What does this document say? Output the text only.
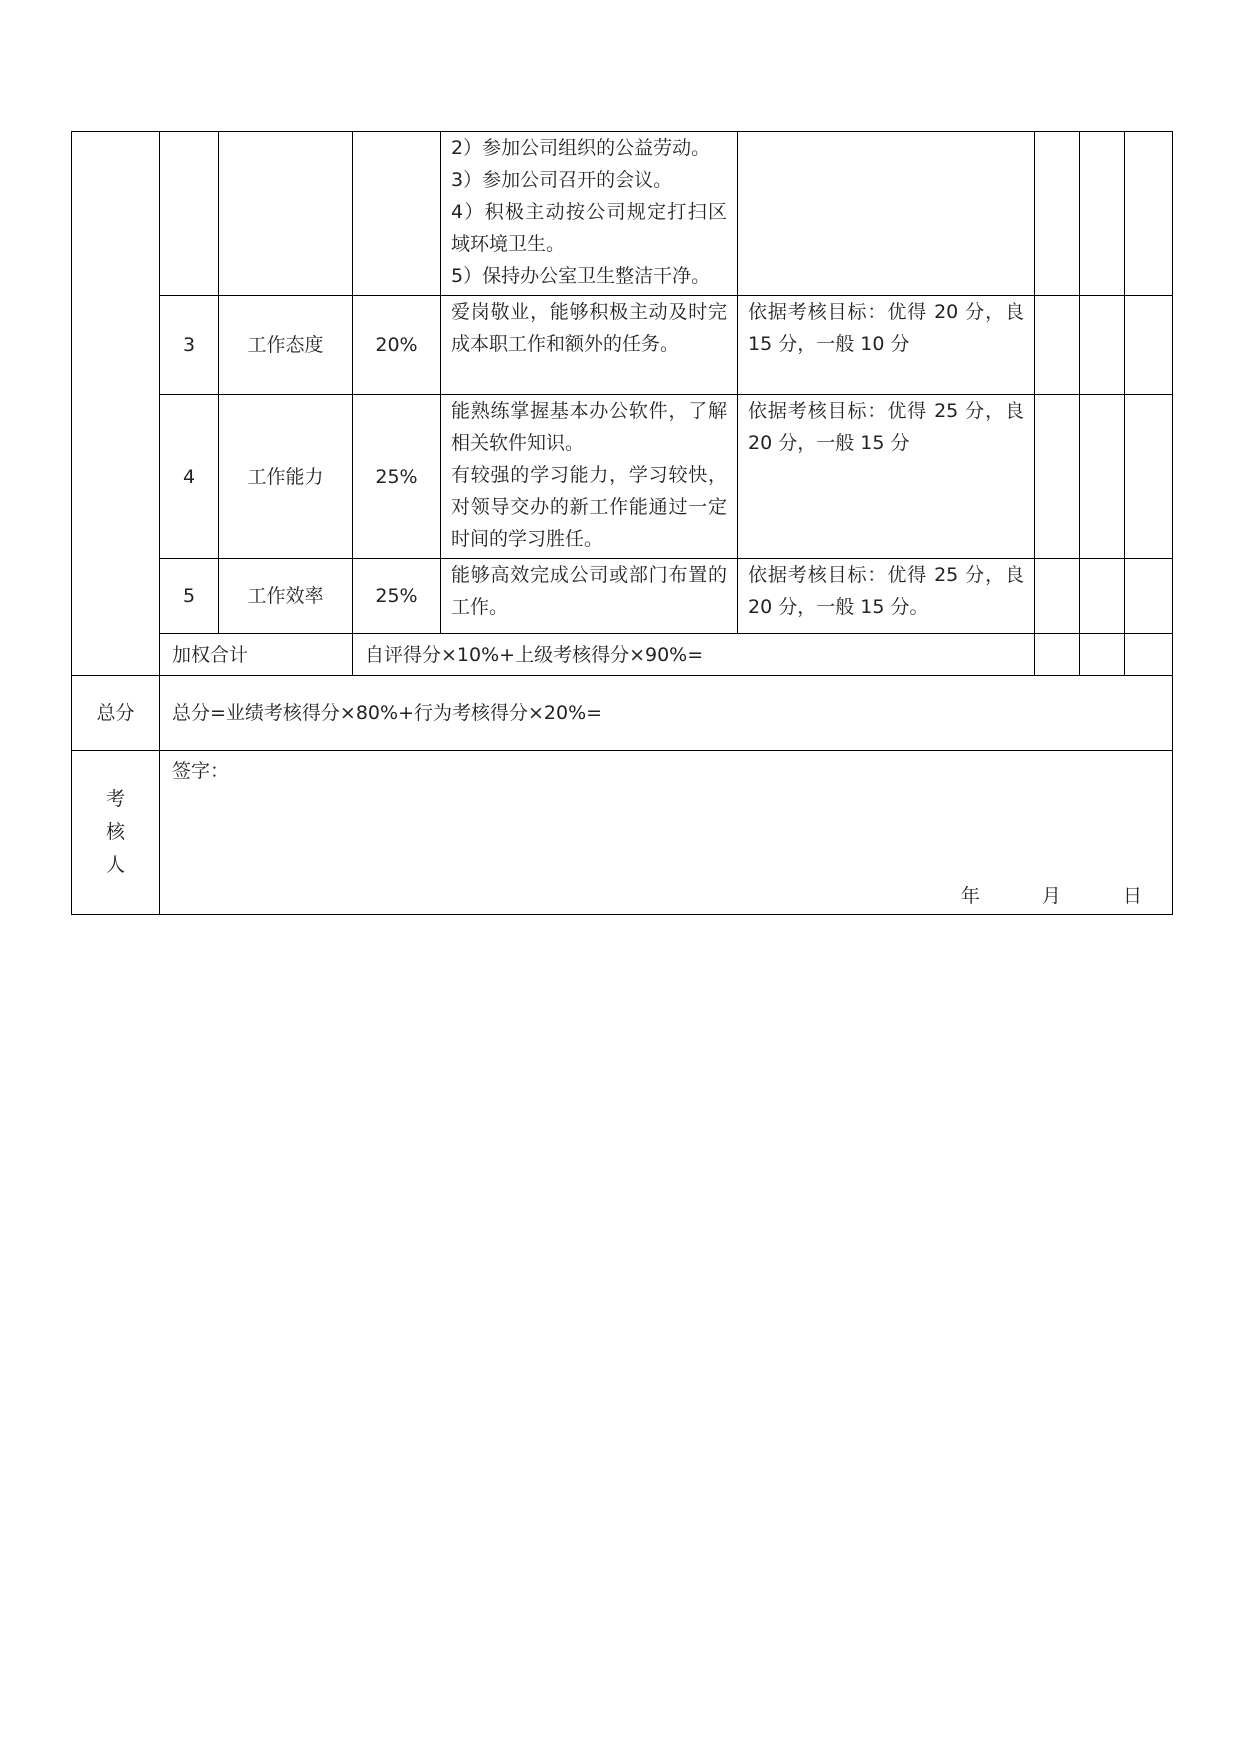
				2）参加公司组织的公益劳动。
3）参加公司召开的会议。
4）积极主动按公司规定打扫区域环境卫生。
5）保持办公室卫生整洁干净。				

	3	工作态度	20%	爱岗敬业，能够积极主动及时完成本职工作和额外的任务。	依据考核目标：优得 20 分，良 15 分，一般 10 分			
	4	工作能力	25%	能熟练掌握基本办公软件，了解相关软件知识。
有较强的学习能力，学习较快，对领导交办的新工作能通过一定时间的学习胜任。	依据考核目标：优得 25 分，良 20 分，一般 15 分			
	5	工作效率	25%	能够高效完成公司或部门布置的工作。	依据考核目标：优得 25 分，良 20 分，一般 15 分。			
	加权合计		自评得分×10%+上级考核得分×90%=					
总分	总分=业绩考核得分×80%+行为考核得分×20%=							

考
核
人	签字：
年 月 日							
